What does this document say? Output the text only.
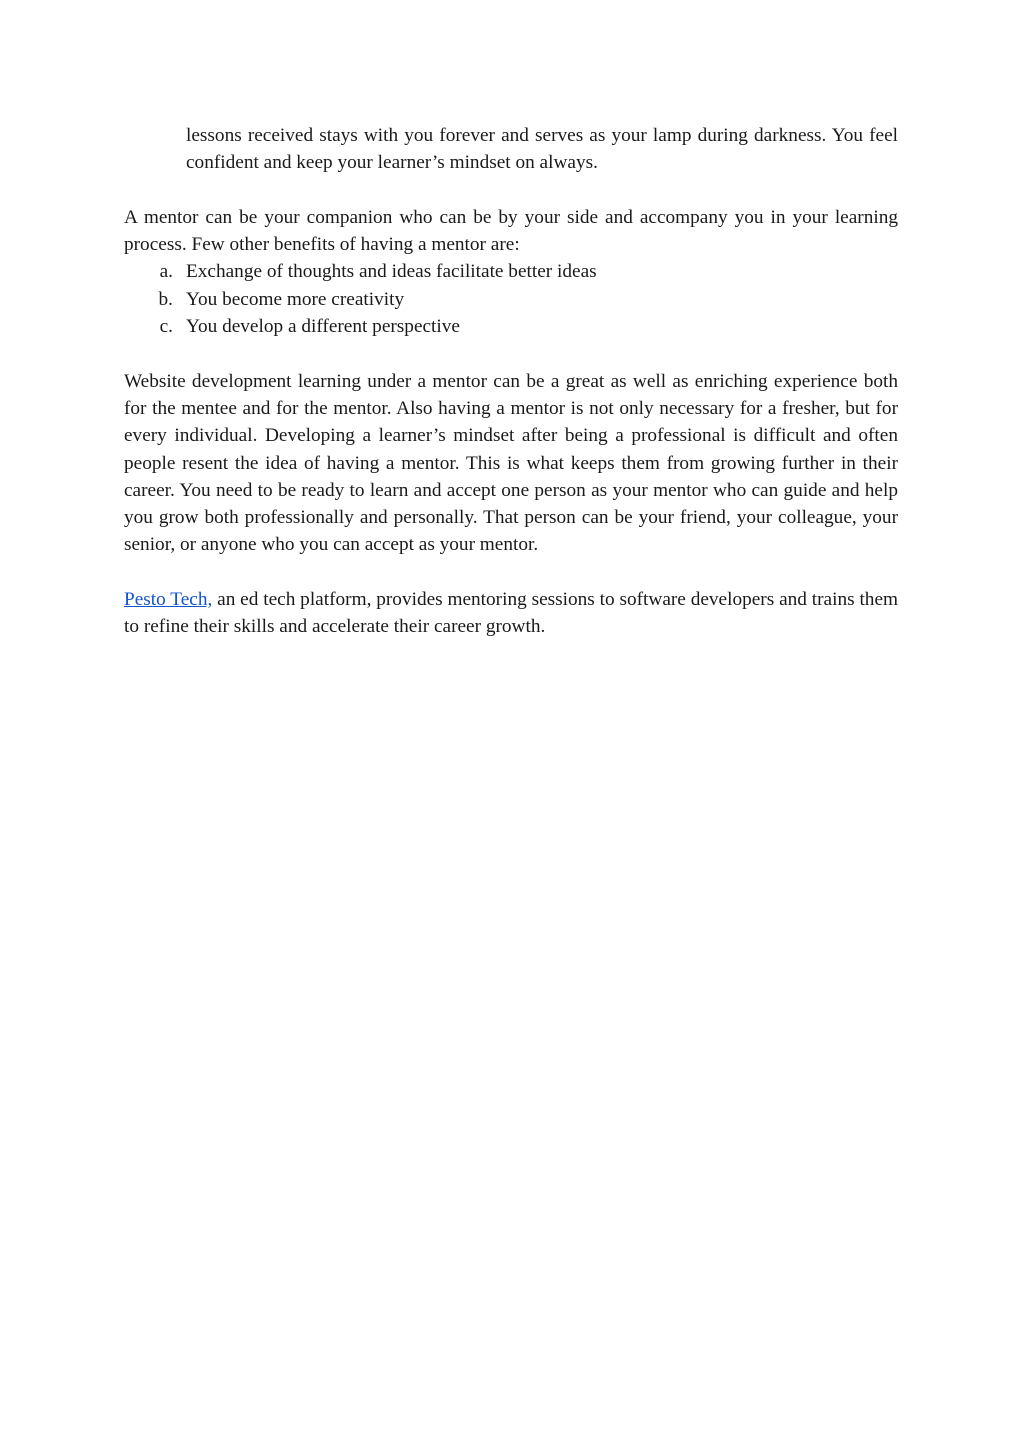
lessons received stays with you forever and serves as your lamp during darkness. You feel confident and keep your learner’s mindset on always.

A mentor can be your companion who can be by your side and accompany you in your learning process. Few other benefits of having a mentor are:

a. Exchange of thoughts and ideas facilitate better ideas
b. You become more creativity
c. You develop a different perspective

Website development learning under a mentor can be a great as well as enriching experience both for the mentee and for the mentor. Also having a mentor is not only necessary for a fresher, but for every individual. Developing a learner’s mindset after being a professional is difficult and often people resent the idea of having a mentor. This is what keeps them from growing further in their career. You need to be ready to learn and accept one person as your mentor who can guide and help you grow both professionally and personally. That person can be your friend, your colleague, your senior, or anyone who you can accept as your mentor.

Pesto Tech, an ed tech platform, provides mentoring sessions to software developers and trains them to refine their skills and accelerate their career growth.
